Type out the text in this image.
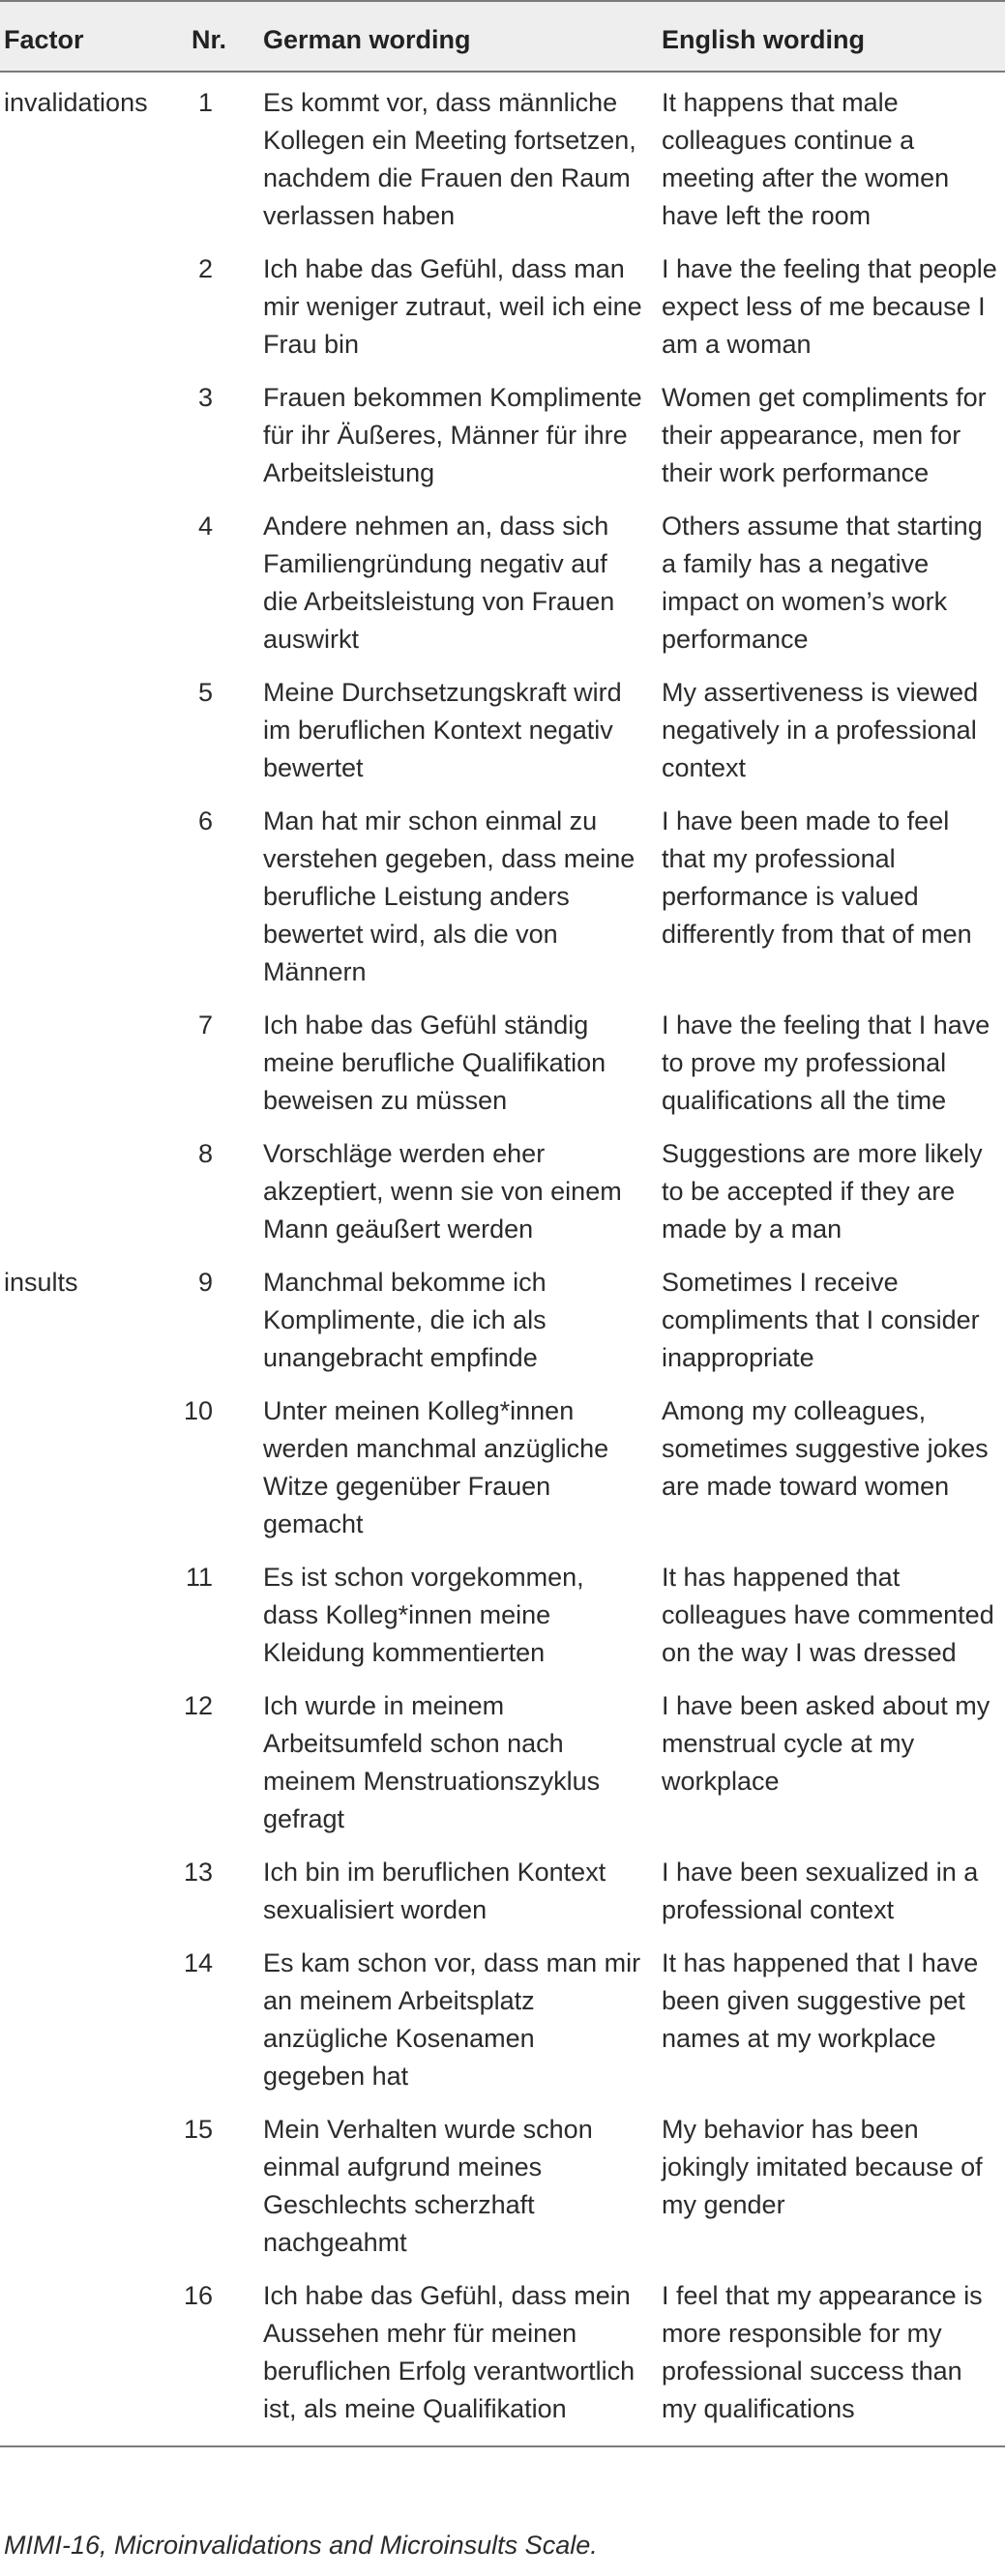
Factor	Nr.	German wording	English wording
invalidations	1	Es kommt vor, dass männliche Kollegen ein Meeting fortsetzen, nachdem die Frauen den Raum verlassen haben	It happens that male colleagues continue a meeting after the women have left the room
	2	Ich habe das Gefühl, dass man mir weniger zutraut, weil ich eine Frau bin	I have the feeling that people expect less of me because I am a woman
	3	Frauen bekommen Komplimente für ihr Äußeres, Männer für ihre Arbeitsleistung	Women get compliments for their appearance, men for their work performance
	4	Andere nehmen an, dass sich Familiengründung negativ auf die Arbeitsleistung von Frauen auswirkt	Others assume that starting a family has a negative impact on women’s work performance
	5	Meine Durchsetzungskraft wird im beruflichen Kontext negativ bewertet	My assertiveness is viewed negatively in a professional context
	6	Man hat mir schon einmal zu verstehen gegeben, dass meine berufliche Leistung anders bewertet wird, als die von Männern	I have been made to feel that my professional performance is valued differently from that of men
	7	Ich habe das Gefühl ständig meine berufliche Qualifikation beweisen zu müssen	I have the feeling that I have to prove my professional qualifications all the time
	8	Vorschläge werden eher akzeptiert, wenn sie von einem Mann geäußert werden	Suggestions are more likely to be accepted if they are made by a man
insults	9	Manchmal bekomme ich Komplimente, die ich als unangebracht empfinde	Sometimes I receive compliments that I consider inappropriate
	10	Unter meinen Kolleg*innen werden manchmal anzügliche Witze gegenüber Frauen gemacht	Among my colleagues, sometimes suggestive jokes are made toward women
	11	Es ist schon vorgekommen, dass Kolleg*innen meine Kleidung kommentierten	It has happened that colleagues have commented on the way I was dressed
	12	Ich wurde in meinem Arbeitsumfeld schon nach meinem Menstruationszyklus gefragt	I have been asked about my menstrual cycle at my workplace
	13	Ich bin im beruflichen Kontext sexualisiert worden	I have been sexualized in a professional context
	14	Es kam schon vor, dass man mir an meinem Arbeitsplatz anzügliche Kosenamen gegeben hat	It has happened that I have been given suggestive pet names at my workplace
	15	Mein Verhalten wurde schon einmal aufgrund meines Geschlechts scherzhaft nachgeahmt	My behavior has been jokingly imitated because of my gender
	16	Ich habe das Gefühl, dass mein Aussehen mehr für meinen beruflichen Erfolg verantwortlich ist, als meine Qualifikation	I feel that my appearance is more responsible for my professional success than my qualifications
MIMI-16, Microinvalidations and Microinsults Scale.
